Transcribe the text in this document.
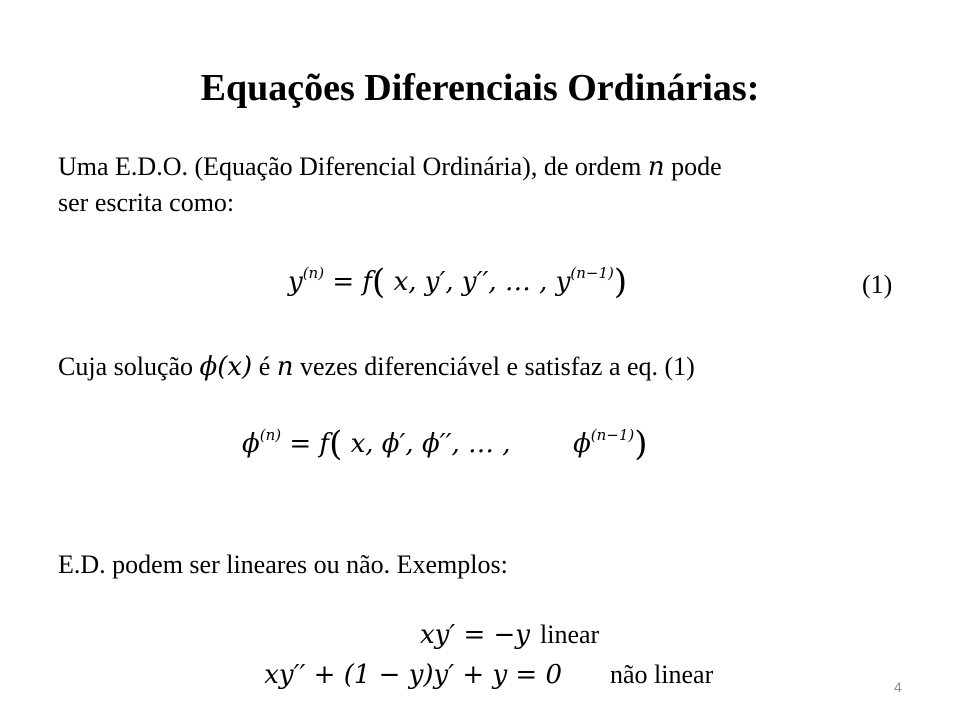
Equações Diferenciais Ordinárias:
Uma E.D.O. (Equação Diferencial Ordinária), de ordem n pode
ser escrita como:
$y^{(n)} = f$( x, y′, y′′, … , $y^{(n-1)}$)	(1)
Cuja solução ϕ(x) é n vezes diferenciável e satisfaz a eq. (1)
$\phi^{(n)} = f$( x, ϕ′, ϕ′′, … , $\phi^{(n-1)}$)
E.D. podem ser lineares ou não. Exemplos:
xy′ = −y linear
xy′′ + (1 − y)y′ + y = 0 não linear	4
